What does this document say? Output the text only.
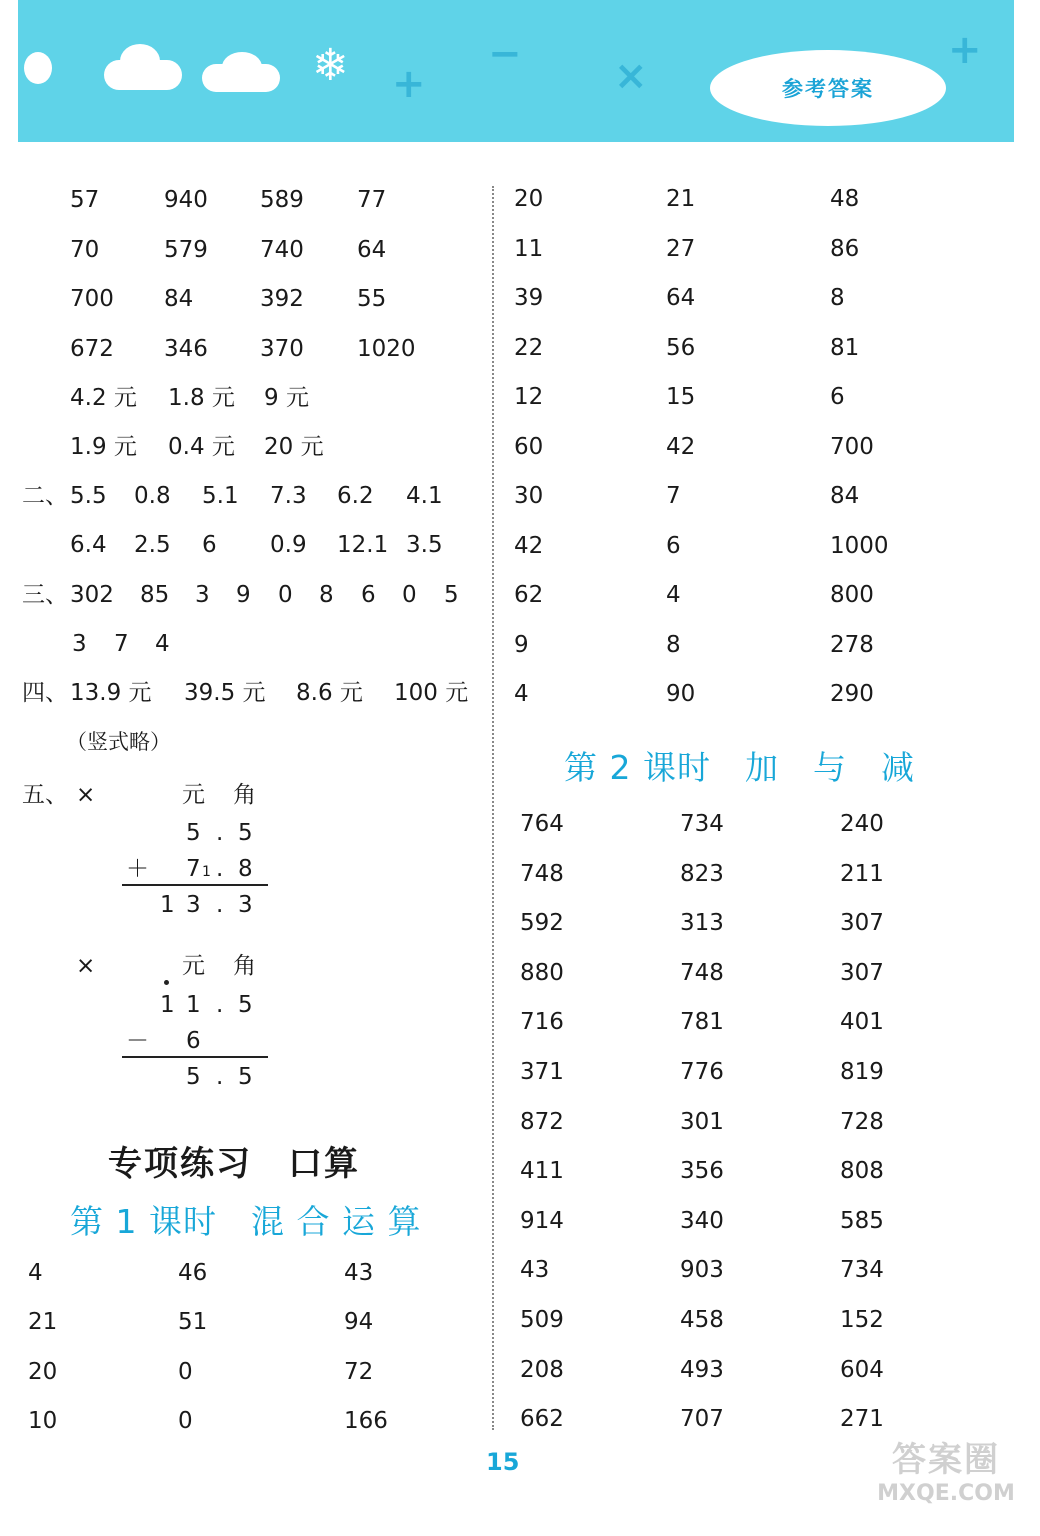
❄ +
− ×
+
参考答案
57	940 589 77
70	579 740 64
700 84	392 55
672 346 370 1020
4.2 元 1.8 元 9 元
1.9 元 0.4 元 20 元
二、 5.5 0.8 5.1 7.3 6.2 4.1
6.4 2.5 6 0.9 12.1 3.5
三、 302 85 3 9 0 8 6 0 5
3 7 4
四、 13.9 元 39.5 元 8.6 元 100 元
（竖式略）
五、 ×	元 角
5 . 5
＋ 7 1 . 8
1 3 . 3
×	元 角
1 1 . 5
－ 6
5 . 5
专项练习　口算
第 1 课时　混 合 运 算
4	46	43
21	51	94
20	0	72
10	0	166
20	21	48
11	27	86
39	64	8
22	56	81
12	15	6
60	42	700
30	7	84
42	6	1000
62	4	800
9	8	278
4	90	290
第 2 课时　加　与　减
764	734	240
748	823	211
592	313	307
880	748	307
716	781	401
371	776	819
872	301	728
411	356	808
914	340	585
43	903	734
509	458	152
208	493	604
662	707	271
15	答案圈
MXQE.COM
